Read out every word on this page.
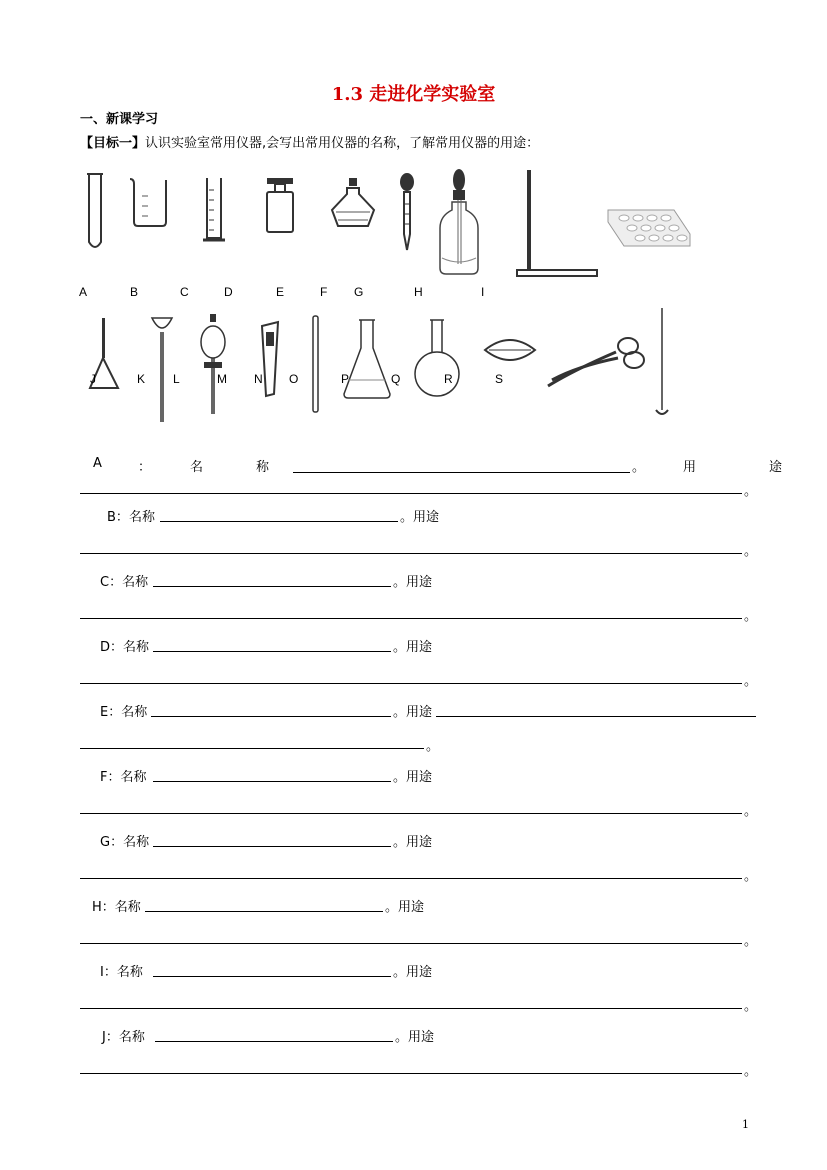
1.3 走进化学实验室
一、新课学习
【目标一】认识实验室常用仪器,会写出常用仪器的名称，了解常用仪器的用途：
A	B	C	D	E	F G	H	I
J	K L	M N O	P	Q	R	S
A	：	名　称	。	用　途
。
B：名称	。用途
。
C：名称	。用途
。
D：名称	。用途
。
E：名称	。用途
。
F：名称	。用途
。
G：名称	。用途
。
H：名称	。用途
。
I：名称	。用途
。
J：名称	。用途
。
1
